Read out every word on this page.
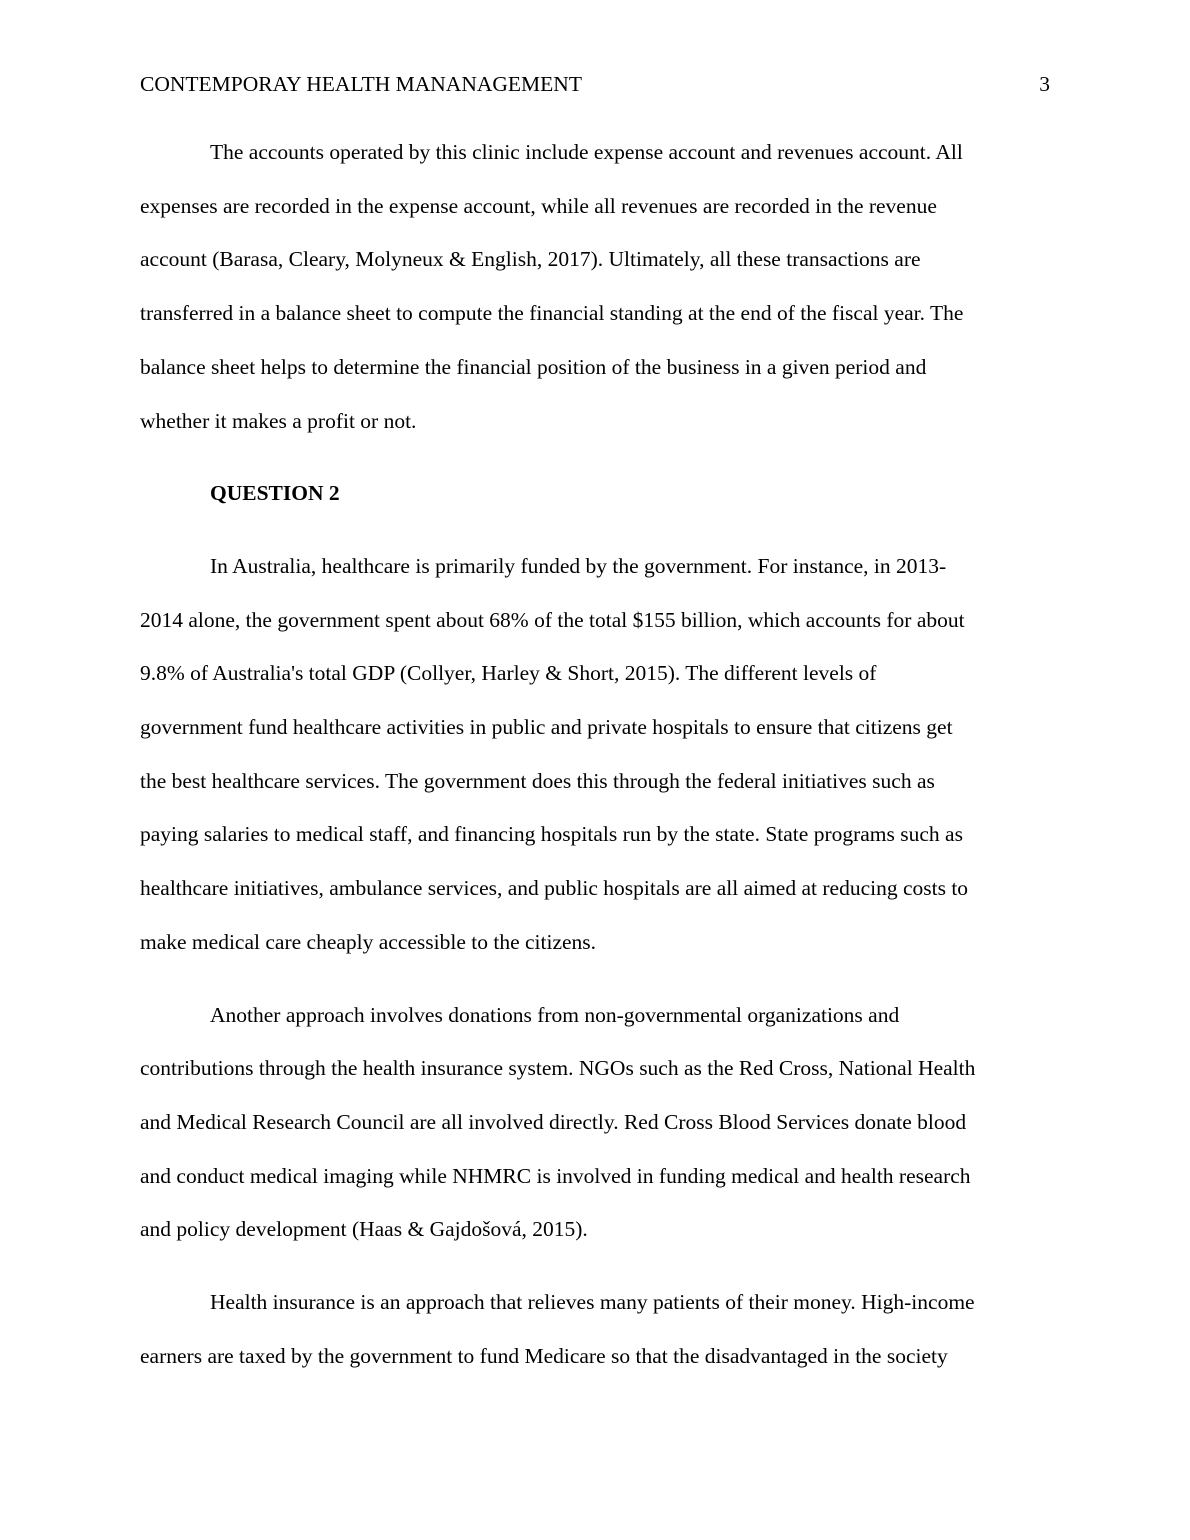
CONTEMPORAY HEALTH MANANAGEMENT	3

The accounts operated by this clinic include expense account and revenues account. All
expenses are recorded in the expense account, while all revenues are recorded in the revenue
account (Barasa, Cleary, Molyneux & English, 2017). Ultimately, all these transactions are
transferred in a balance sheet to compute the financial standing at the end of the fiscal year. The
balance sheet helps to determine the financial position of the business in a given period and
whether it makes a profit or not.

QUESTION 2

In Australia, healthcare is primarily funded by the government. For instance, in 2013-
2014 alone, the government spent about 68% of the total $155 billion, which accounts for about
9.8% of Australia's total GDP (Collyer, Harley & Short, 2015). The different levels of
government fund healthcare activities in public and private hospitals to ensure that citizens get
the best healthcare services. The government does this through the federal initiatives such as
paying salaries to medical staff, and financing hospitals run by the state. State programs such as
healthcare initiatives, ambulance services, and public hospitals are all aimed at reducing costs to
make medical care cheaply accessible to the citizens.

Another approach involves donations from non-governmental organizations and
contributions through the health insurance system. NGOs such as the Red Cross, National Health
and Medical Research Council are all involved directly. Red Cross Blood Services donate blood
and conduct medical imaging while NHMRC is involved in funding medical and health research
and policy development (Haas & Gajdošová, 2015).

Health insurance is an approach that relieves many patients of their money. High-income
earners are taxed by the government to fund Medicare so that the disadvantaged in the society
